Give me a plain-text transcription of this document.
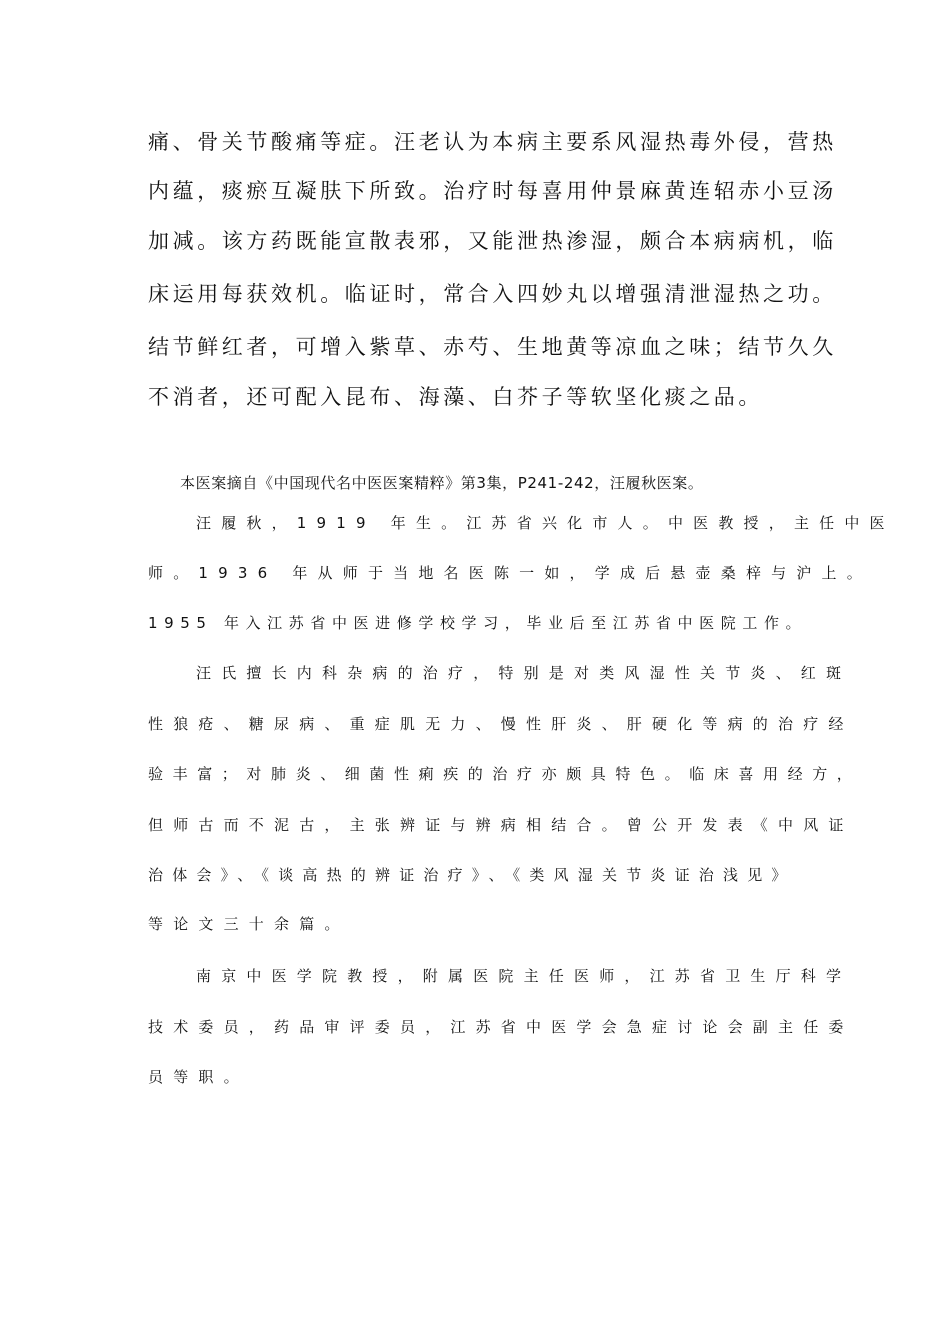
痛、骨关节酸痛等症。汪老认为本病主要系风湿热毒外侵，营热

内蕴，痰瘀互凝肤下所致。治疗时每喜用仲景麻黄连轺赤小豆汤

加减。该方药既能宣散表邪，又能泄热渗湿，颇合本病病机，临

床运用每获效机。临证时，常合入四妙丸以增强清泄湿热之功。

结节鲜红者，可增入紫草、赤芍、生地黄等凉血之味；结节久久

不消者，还可配入昆布、海藻、白芥子等软坚化痰之品。

本医案摘自《中国现代名中医医案精粹》第3集，P241-242，汪履秋医案。

汪履秋，1919 年生。江苏省兴化市人。中医教授，主任中医

师。1936 年从师于当地名医陈一如，学成后悬壶桑梓与沪上。

1955 年入江苏省中医进修学校学习，毕业后至江苏省中医院工作。

汪氏擅长内科杂病的治疗，特别是对类风湿性关节炎、红斑

性狼疮、糖尿病、重症肌无力、慢性肝炎、肝硬化等病的治疗经

验丰富；对肺炎、细菌性痢疾的治疗亦颇具特色。临床喜用经方，

但师古而不泥古，主张辨证与辨病相结合。曾公开发表《中风证

治体会》、《谈高热的辨证治疗》、《类风湿关节炎证治浅见》

等论文三十余篇。

南京中医学院教授，附属医院主任医师，江苏省卫生厅科学

技术委员，药品审评委员，江苏省中医学会急症讨论会副主任委

员等职。
